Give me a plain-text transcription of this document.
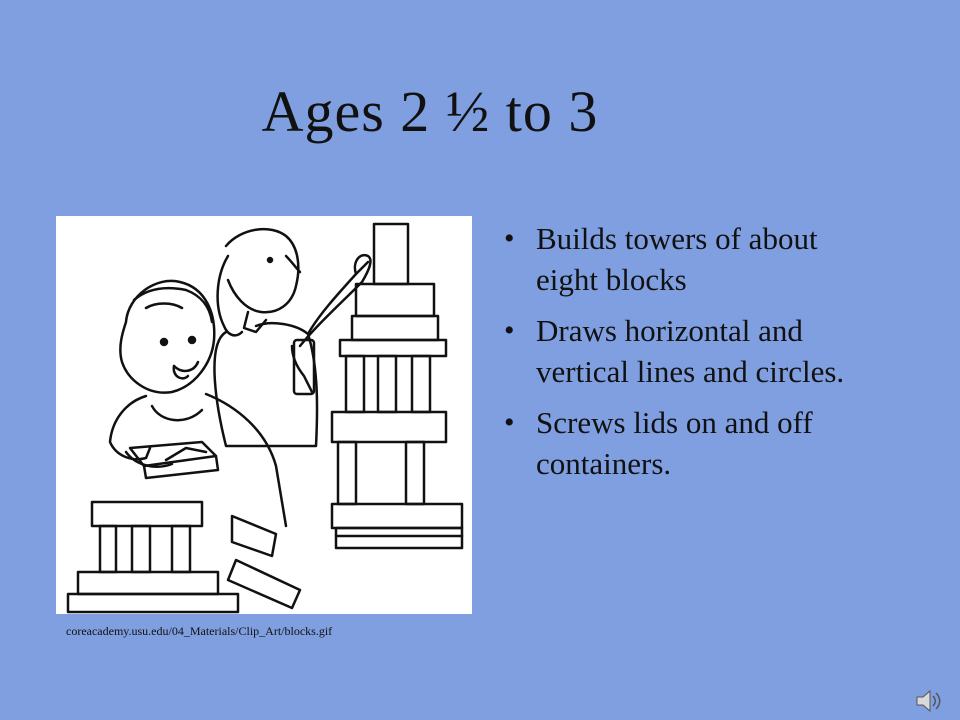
Ages 2 ½ to 3
coreacademy.usu.edu/04_Materials/Clip_Art/blocks.gif
• Builds towers of about eight blocks
• Draws horizontal and vertical lines and circles.
• Screws lids on and off containers.
